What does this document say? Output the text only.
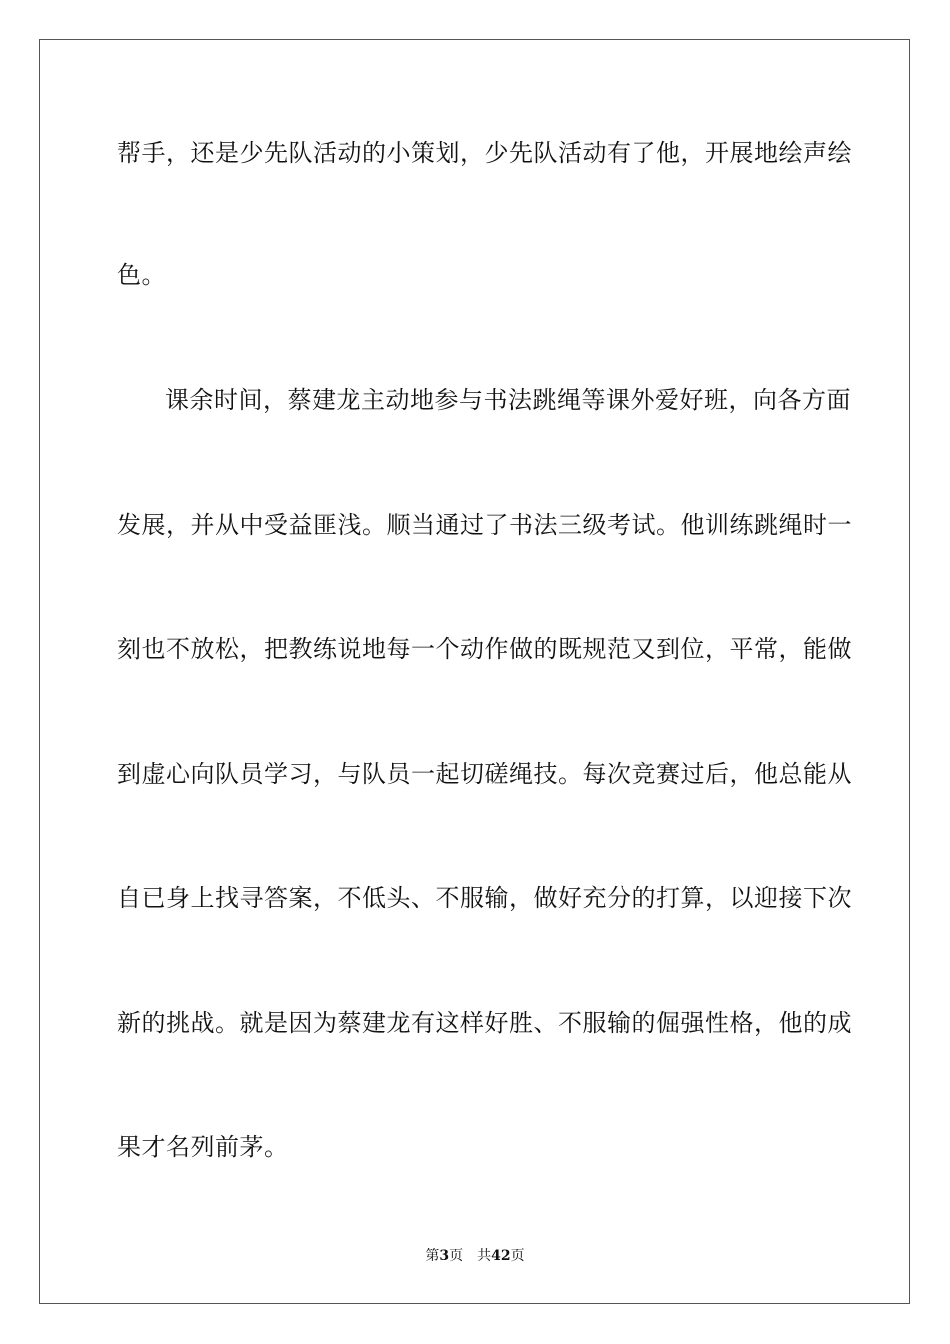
帮手，还是少先队活动的小策划，少先队活动有了他，开展地绘声绘
色。
课余时间，蔡建龙主动地参与书法跳绳等课外爱好班，向各方面
发展，并从中受益匪浅。顺当通过了书法三级考试。他训练跳绳时一
刻也不放松，把教练说地每一个动作做的既规范又到位，平常，能做
到虚心向队员学习，与队员一起切磋绳技。每次竞赛过后，他总能从
自已身上找寻答案，不低头、不服输，做好充分的打算，以迎接下次
新的挑战。就是因为蔡建龙有这样好胜、不服输的倔强性格，他的成
果才名列前茅。
第3页 共42页
